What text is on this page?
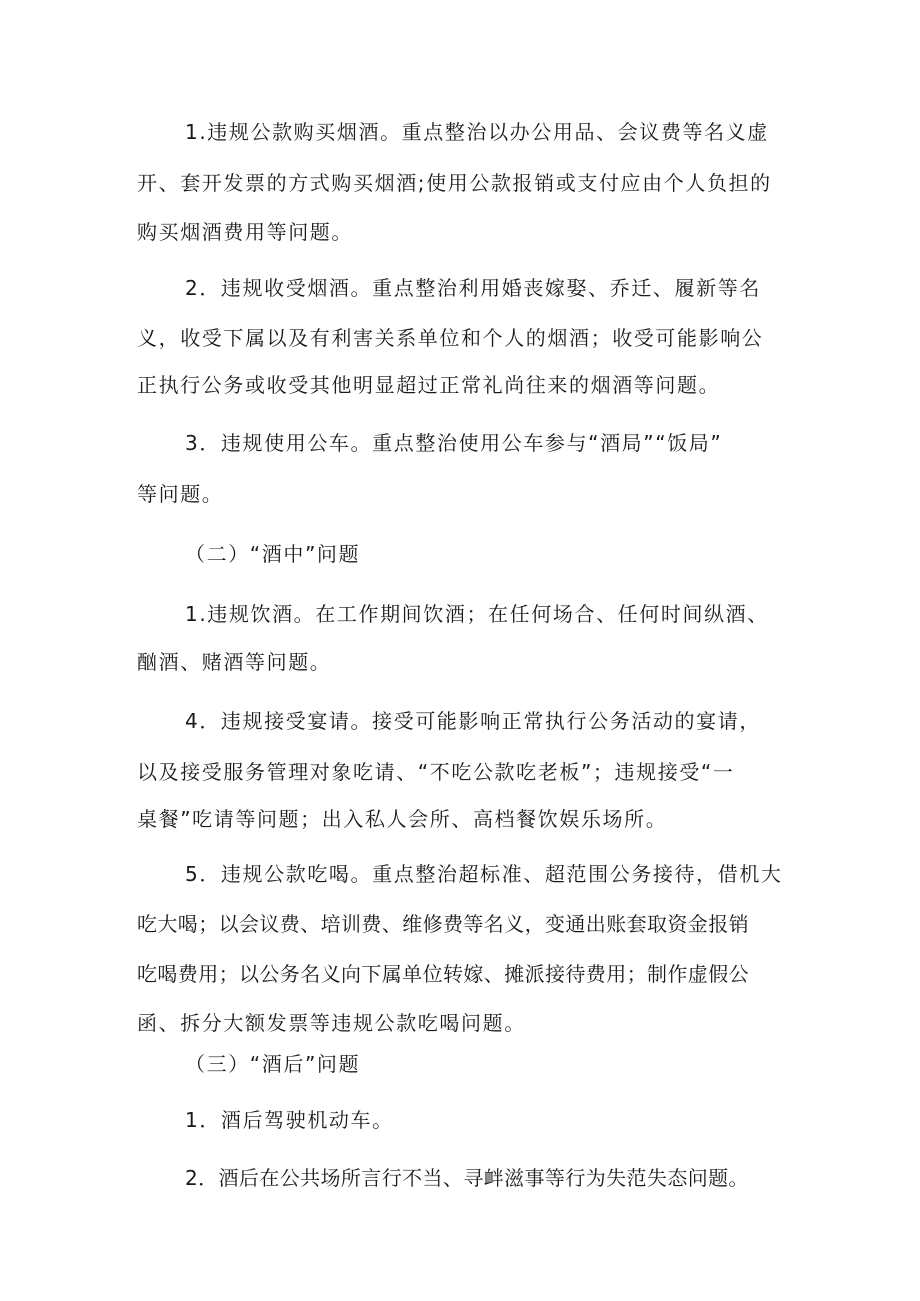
1.违规公款购买烟酒。重点整治以办公用品、会议费等名义虚
开、套开发票的方式购买烟酒;使用公款报销或支付应由个人负担的
购买烟酒费用等问题。
2．违规收受烟酒。重点整治利用婚丧嫁娶、乔迁、履新等名
义，收受下属以及有利害关系单位和个人的烟酒；收受可能影响公
正执行公务或收受其他明显超过正常礼尚往来的烟酒等问题。
3．违规使用公车。重点整治使用公车参与“酒局”“饭局”
等问题。
（二）“酒中”问题
1.违规饮酒。在工作期间饮酒；在任何场合、任何时间纵酒、
酗酒、赌酒等问题。
4．违规接受宴请。接受可能影响正常执行公务活动的宴请，
以及接受服务管理对象吃请、“不吃公款吃老板”；违规接受“一
桌餐”吃请等问题；出入私人会所、高档餐饮娱乐场所。
5．违规公款吃喝。重点整治超标准、超范围公务接待，借机大
吃大喝；以会议费、培训费、维修费等名义，变通出账套取资金报销
吃喝费用；以公务名义向下属单位转嫁、摊派接待费用；制作虚假公
函、拆分大额发票等违规公款吃喝问题。
（三）“酒后”问题
1．酒后驾驶机动车。
2．酒后在公共场所言行不当、寻衅滋事等行为失范失态问题。
